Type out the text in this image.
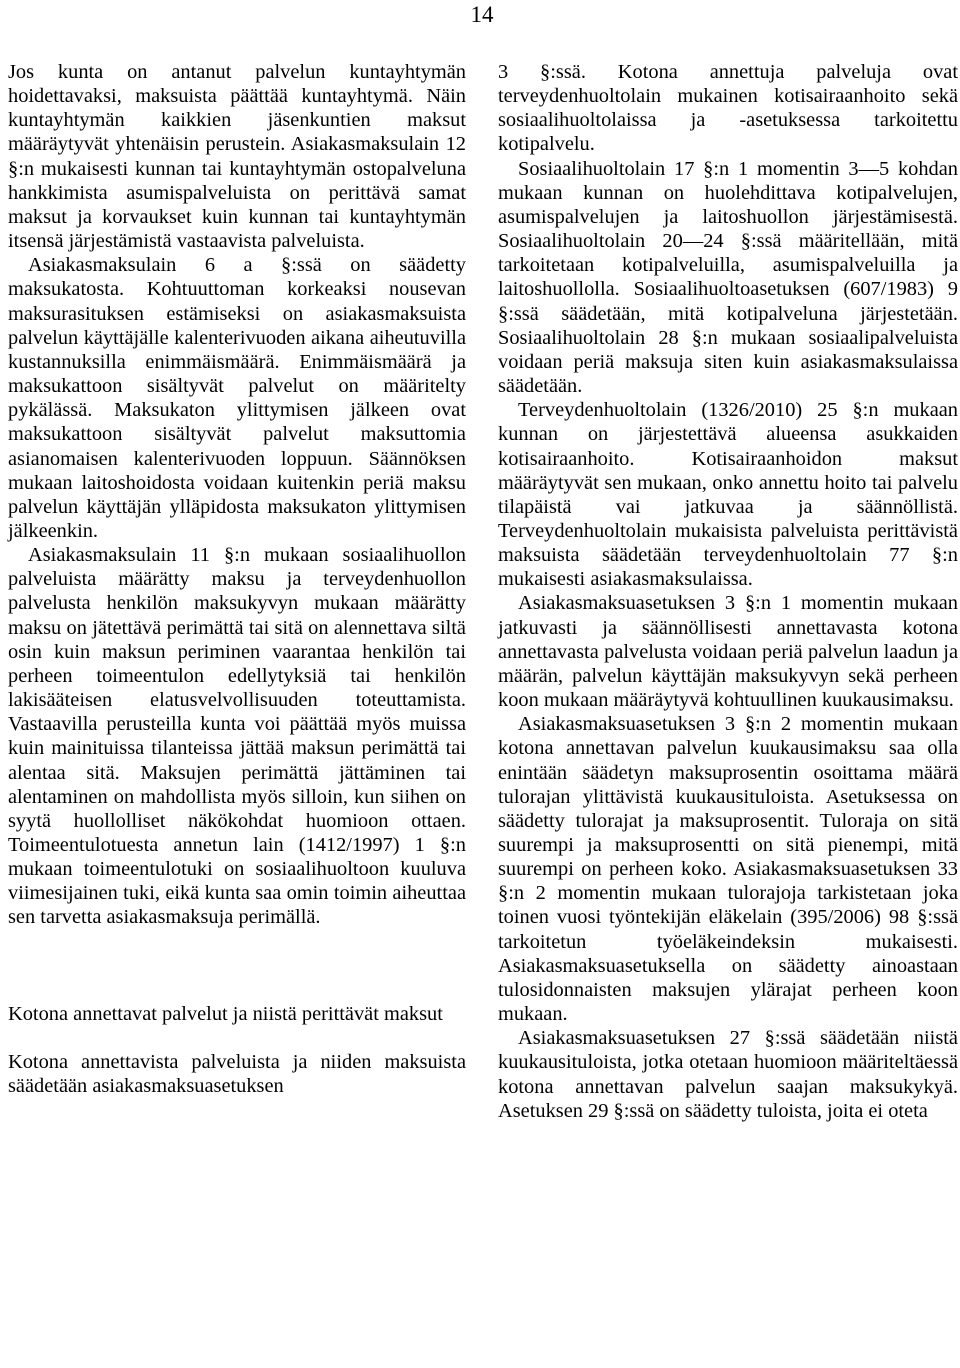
14

Jos kunta on antanut palvelun kuntayhtymän hoidettavaksi, maksuista päättää kuntayhtymä. Näin kuntayhtymän kaikkien jäsenkuntien maksut määräytyvät yhtenäisin perustein. Asiakasmaksulain 12 §:n mukaisesti kunnan tai kuntayhtymän ostopalveluna hankkimista asumispalveluista on perittävä samat maksut ja korvaukset kuin kunnan tai kuntayhtymän itsensä järjestämistä vastaavista palveluista.

Asiakasmaksulain 6 a §:ssä on säädetty maksukatosta. Kohtuuttoman korkeaksi nousevan maksurasituksen estämiseksi on asiakasmaksuista palvelun käyttäjälle kalenterivuoden aikana aiheutuvilla kustannuksilla enimmäismäärä. Enimmäismäärä ja maksukattoon sisältyvät palvelut on määritelty pykälässä. Maksukaton ylittymisen jälkeen ovat maksukattoon sisältyvät palvelut maksuttomia asianomaisen kalenterivuoden loppuun. Säännöksen mukaan laitoshoidosta voidaan kuitenkin periä maksu palvelun käyttäjän ylläpidosta maksukaton ylittymisen jälkeenkin.

Asiakasmaksulain 11 §:n mukaan sosiaalihuollon palveluista määrätty maksu ja terveydenhuollon palvelusta henkilön maksukyvyn mukaan määrätty maksu on jätettävä perimättä tai sitä on alennettava siltä osin kuin maksun periminen vaarantaa henkilön tai perheen toimeentulon edellytyksiä tai henkilön lakisääteisen elatusvelvollisuuden toteuttamista. Vastaavilla perusteilla kunta voi päättää myös muissa kuin mainituissa tilanteissa jättää maksun perimättä tai alentaa sitä. Maksujen perimättä jättäminen tai alentaminen on mahdollista myös silloin, kun siihen on syytä huollolliset näkökohdat huomioon ottaen. Toimeentulotuesta annetun lain (1412/1997) 1 §:n mukaan toimeentulotuki on sosiaalihuoltoon kuuluva viimesijainen tuki, eikä kunta saa omin toimin aiheuttaa sen tarvetta asiakasmaksuja perimällä.

Kotona annettavat palvelut ja niistä perittävät maksut

Kotona annettavista palveluista ja niiden maksuista säädetään asiakasmaksuasetuksen

3 §:ssä. Kotona annettuja palveluja ovat terveydenhuoltolain mukainen kotisairaanhoito sekä sosiaalihuoltolaissa ja -asetuksessa tarkoitettu kotipalvelu.

Sosiaalihuoltolain 17 §:n 1 momentin 3—5 kohdan mukaan kunnan on huolehdittava kotipalvelujen, asumispalvelujen ja laitoshuollon järjestämisestä. Sosiaalihuoltolain 20—24 §:ssä määritellään, mitä tarkoitetaan kotipalveluilla, asumispalveluilla ja laitoshuollolla. Sosiaalihuoltoasetuksen (607/1983) 9 §:ssä säädetään, mitä kotipalveluna järjestetään. Sosiaalihuoltolain 28 §:n mukaan sosiaalipalveluista voidaan periä maksuja siten kuin asiakasmaksulaissa säädetään.

Terveydenhuoltolain (1326/2010) 25 §:n mukaan kunnan on järjestettävä alueensa asukkaiden kotisairaanhoito. Kotisairaanhoidon maksut määräytyvät sen mukaan, onko annettu hoito tai palvelu tilapäistä vai jatkuvaa ja säännöllistä. Terveydenhuoltolain mukaisista palveluista perittävistä maksuista säädetään terveydenhuoltolain 77 §:n mukaisesti asiakasmaksulaissa.

Asiakasmaksuasetuksen 3 §:n 1 momentin mukaan jatkuvasti ja säännöllisesti annettavasta kotona annettavasta palvelusta voidaan periä palvelun laadun ja määrän, palvelun käyttäjän maksukyvyn sekä perheen koon mukaan määräytyvä kohtuullinen kuukausimaksu.

Asiakasmaksuasetuksen 3 §:n 2 momentin mukaan kotona annettavan palvelun kuukausimaksu saa olla enintään säädetyn maksuprosentin osoittama määrä tulorajan ylittävistä kuukausituloista. Asetuksessa on säädetty tulorajat ja maksuprosentit. Tuloraja on sitä suurempi ja maksuprosentti on sitä pienempi, mitä suurempi on perheen koko. Asiakasmaksuasetuksen 33 §:n 2 momentin mukaan tulorajoja tarkistetaan joka toinen vuosi työntekijän eläkelain (395/2006) 98 §:ssä tarkoitetun työeläkeindeksin mukaisesti. Asiakasmaksuasetuksella on säädetty ainoastaan tulosidonnaisten maksujen ylärajat perheen koon mukaan.

Asiakasmaksuasetuksen 27 §:ssä säädetään niistä kuukausituloista, jotka otetaan huomioon määriteltäessä kotona annettavan palvelun saajan maksukykyä. Asetuksen 29 §:ssä on säädetty tuloista, joita ei oteta
